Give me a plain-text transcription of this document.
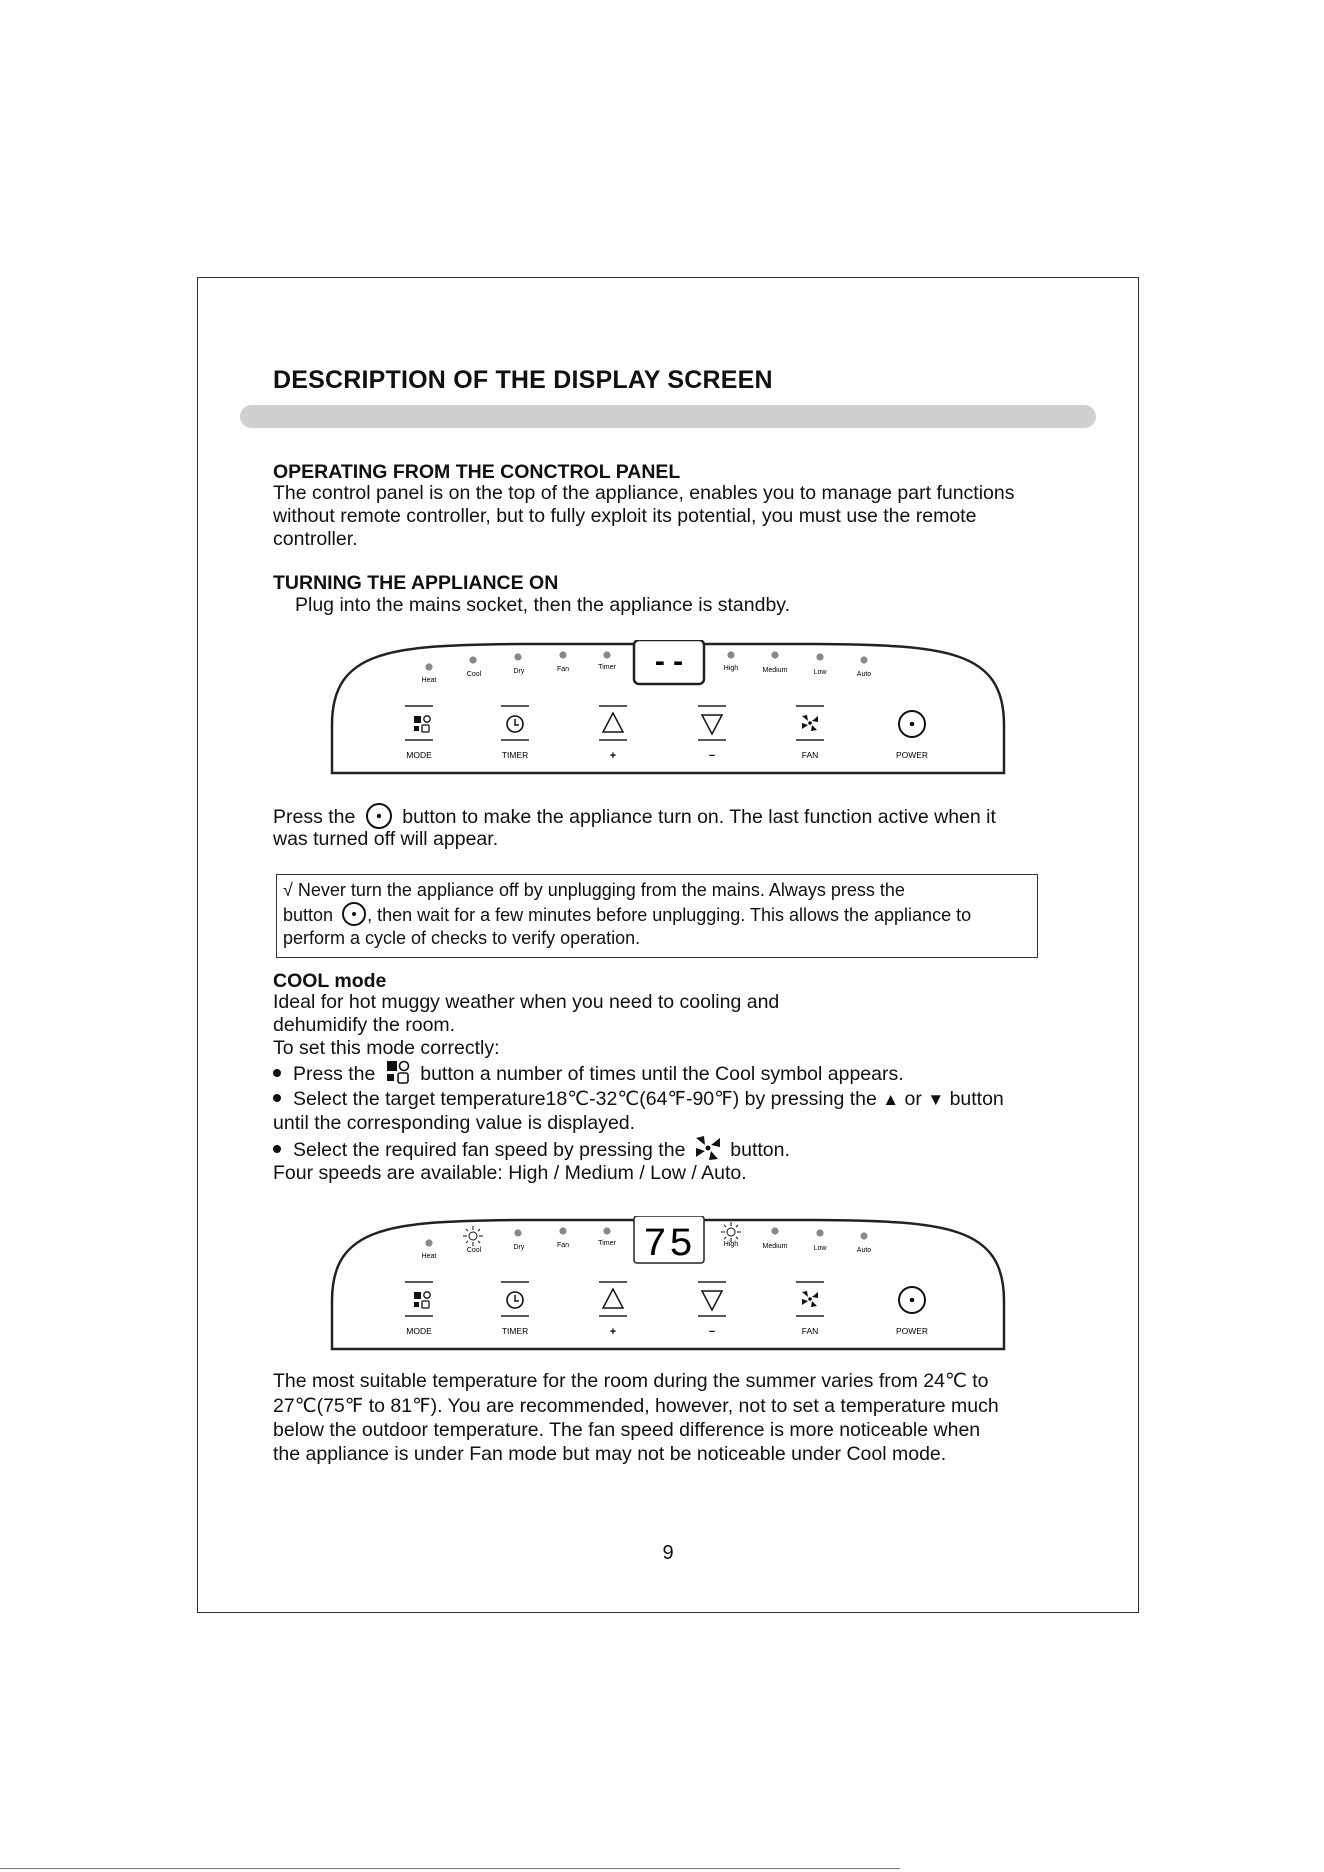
DESCRIPTION OF THE DISPLAY SCREEN
OPERATING FROM THE CONCTROL PANEL
The control panel is on the top of the appliance, enables you to manage part functions
without remote controller, but to fully exploit its potential, you must use the remote
controller.
TURNING THE APPLIANCE ON
Plug into the mains socket, then the appliance is standby.
Heat
Cool	Dry	Fan	Timer	High	Medium	Low	Auto
- -
MODE	TIMER	+	−	FAN	POWER
Press the button to make the appliance turn on. The last function active when it
was turned off will appear.
√ Never turn the appliance off by unplugging from the mains. Always press the
button , then wait for a few minutes before unplugging. This allows the appliance to
perform a cycle of checks to verify operation.
COOL mode
Ideal for hot muggy weather when you need to cooling and
dehumidify the room.
To set this mode correctly:
Press the button a number of times until the Cool symbol appears.
Select the target temperature18℃-32℃(64℉-90℉) by pressing the ▲ or ▼ button
until the corresponding value is displayed.
Select the required fan speed by pressing the button.
Four speeds are available: High / Medium / Low / Auto.
Heat
Cool	Dry	Fan	Timer	High	Medium	Low	Auto
75
MODE	TIMER	+	−	FAN	POWER
The most suitable temperature for the room during the summer varies from 24℃ to
27℃(75℉ to 81℉). You are recommended, however, not to set a temperature much
below the outdoor temperature. The fan speed difference is more noticeable when
the appliance is under Fan mode but may not be noticeable under Cool mode.
9
